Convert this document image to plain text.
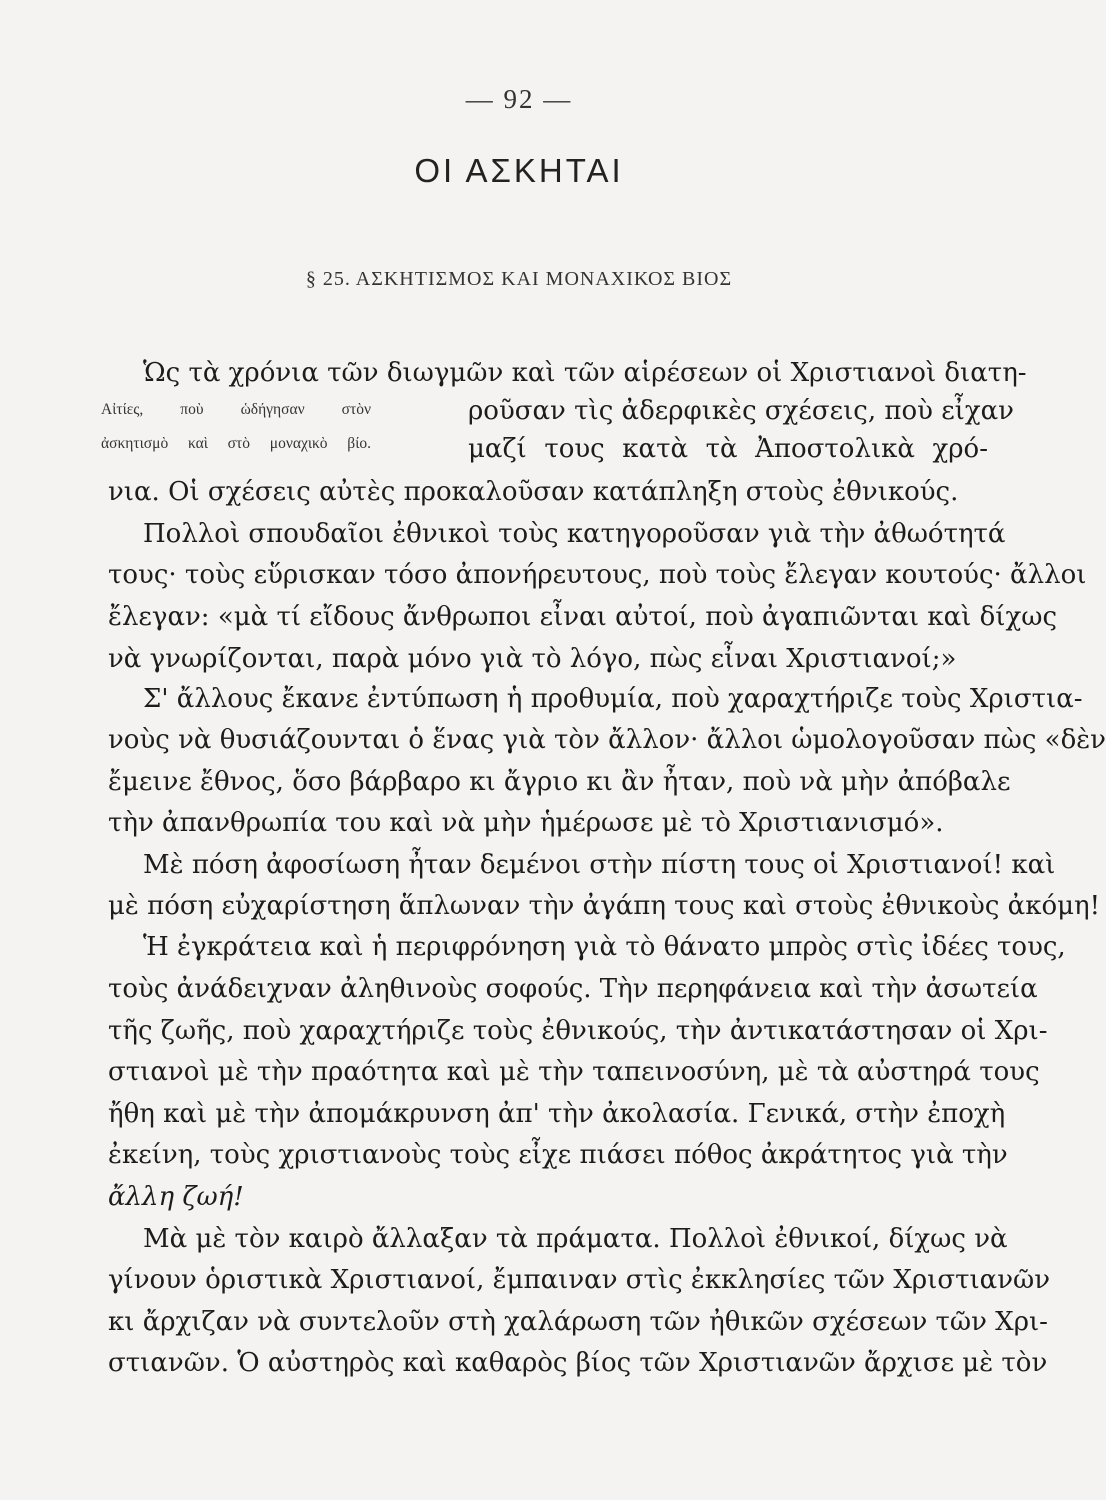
— 92 —
ΟΙ ΑΣΚΗΤΑΙ
§ 25. ΑΣΚΗΤΙΣΜΟΣ ΚΑΙ ΜΟΝΑΧΙΚΟΣ ΒΙΟΣ
Αἰτίες, ποὺ ὡδήγησαν στὸν
ἀσκητισμὸ καὶ στὸ μοναχικὸ βίο.
Ὡς τὰ χρόνια τῶν διωγμῶν καὶ τῶν αἱρέσεων οἱ Χριστιανοὶ διατη-
ροῦσαν τὶς ἀδερφικὲς σχέσεις, ποὺ εἶχαν
μαζί τους κατὰ τὰ Ἀποστολικὰ χρό-
νια. Οἱ σχέσεις αὐτὲς προκαλοῦσαν κατάπληξη στοὺς ἐθνικούς.
Πολλοὶ σπουδαῖοι ἐθνικοὶ τοὺς κατηγοροῦσαν γιὰ τὴν ἀθωότητά
τους· τοὺς εὕρισκαν τόσο ἀπονήρευτους, ποὺ τοὺς ἔλεγαν κουτούς· ἄλλοι
ἔλεγαν: «μὰ τί εἴδους ἄνθρωποι εἶναι αὐτοί, ποὺ ἀγαπιῶνται καὶ δίχως
νὰ γνωρίζονται, παρὰ μόνο γιὰ τὸ λόγο, πὼς εἶναι Χριστιανοί;»
Σ' ἄλλους ἔκανε ἐντύπωση ἡ προθυμία, ποὺ χαραχτήριζε τοὺς Χριστια-
νοὺς νὰ θυσιάζουνται ὁ ἕνας γιὰ τὸν ἄλλον· ἄλλοι ὡμολογοῦσαν πὼς «δὲν
ἔμεινε ἔθνος, ὅσο βάρβαρο κι ἄγριο κι ἂν ἦταν, ποὺ νὰ μὴν ἀπόβαλε
τὴν ἀπανθρωπία του καὶ νὰ μὴν ἡμέρωσε μὲ τὸ Χριστιανισμό».
Μὲ πόση ἀφοσίωση ἦταν δεμένοι στὴν πίστη τους οἱ Χριστιανοί! καὶ
μὲ πόση εὐχαρίστηση ἅπλωναν τὴν ἀγάπη τους καὶ στοὺς ἐθνικοὺς ἀκόμη!
Ἡ ἐγκράτεια καὶ ἡ περιφρόνηση γιὰ τὸ θάνατο μπρὸς στὶς ἰδέες τους,
τοὺς ἀνάδειχναν ἀληθινοὺς σοφούς. Τὴν περηφάνεια καὶ τὴν ἀσωτεία
τῆς ζωῆς, ποὺ χαραχτήριζε τοὺς ἐθνικούς, τὴν ἀντικατάστησαν οἱ Χρι-
στιανοὶ μὲ τὴν πραότητα καὶ μὲ τὴν ταπεινοσύνη, μὲ τὰ αὐστηρά τους
ἤθη καὶ μὲ τὴν ἀπομάκρυνση ἀπ' τὴν ἀκολασία. Γενικά, στὴν ἐποχὴ
ἐκείνη, τοὺς χριστιανοὺς τοὺς εἶχε πιάσει πόθος ἀκράτητος γιὰ τὴν
ἄλλη ζωή!
Μὰ μὲ τὸν καιρὸ ἄλλαξαν τὰ πράματα. Πολλοὶ ἐθνικοί, δίχως νὰ
γίνουν ὁριστικὰ Χριστιανοί, ἔμπαιναν στὶς ἐκκλησίες τῶν Χριστιανῶν
κι ἄρχιζαν νὰ συντελοῦν στὴ χαλάρωση τῶν ἠθικῶν σχέσεων τῶν Χρι-
στιανῶν. Ὁ αὐστηρὸς καὶ καθαρὸς βίος τῶν Χριστιανῶν ἄρχισε μὲ τὸν
